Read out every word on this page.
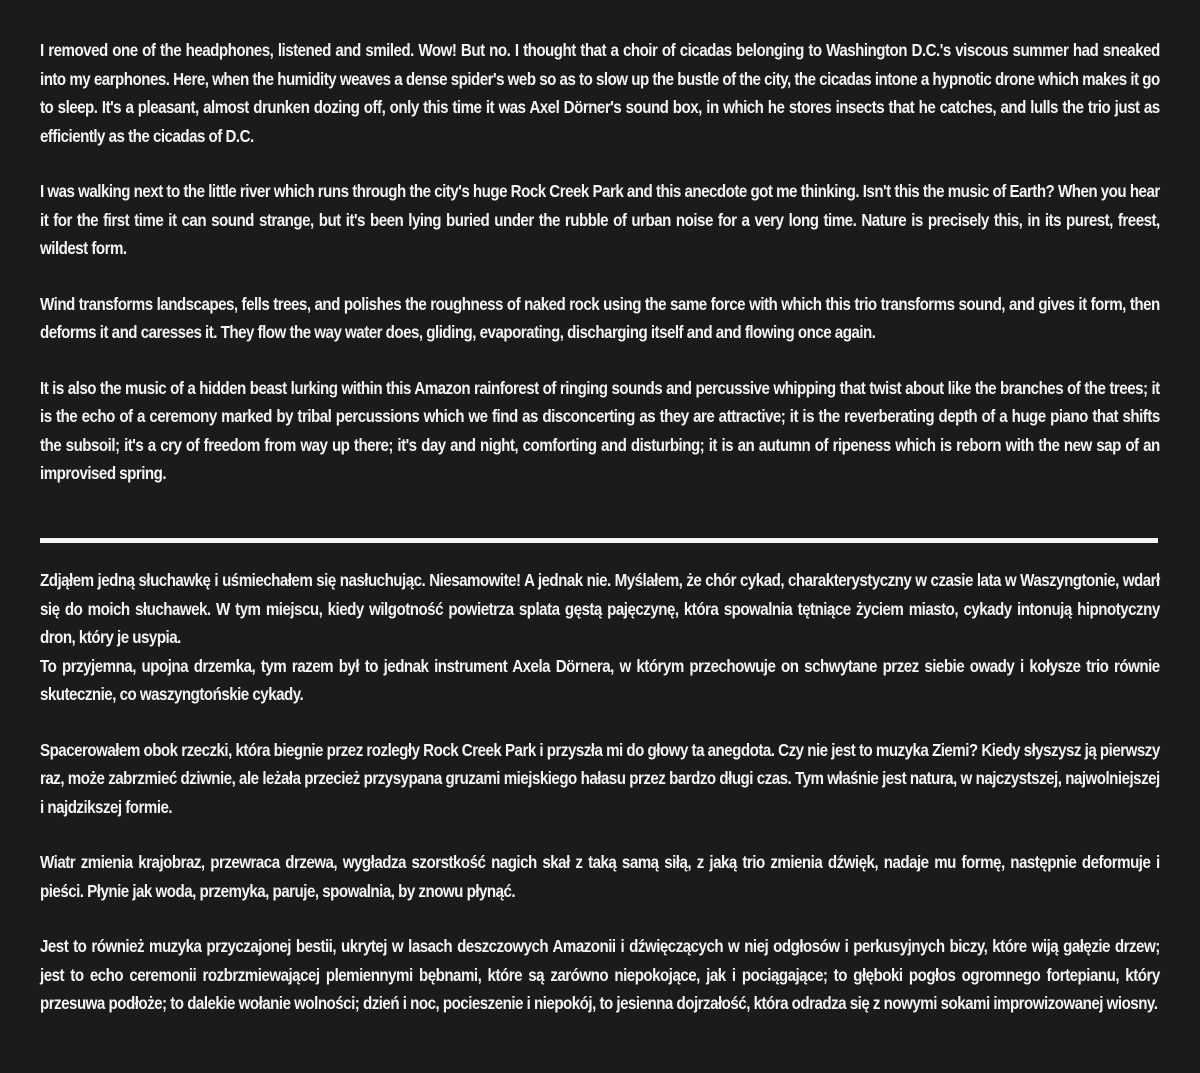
I removed one of the headphones, listened and smiled. Wow! But no. I thought that a choir of cicadas belonging to Washington D.C.'s viscous summer had sneaked into my earphones. Here, when the humidity weaves a dense spider's web so as to slow up the bustle of the city, the cicadas intone a hypnotic drone which makes it go to sleep. It's a pleasant, almost drunken dozing off, only this time it was Axel Dörner's sound box, in which he stores insects that he catches, and lulls the trio just as efficiently as the cicadas of D.C.

I was walking next to the little river which runs through the city's huge Rock Creek Park and this anecdote got me thinking. Isn't this the music of Earth? When you hear it for the first time it can sound strange, but it's been lying buried under the rubble of urban noise for a very long time. Nature is precisely this, in its purest, freest, wildest form.

Wind transforms landscapes, fells trees, and polishes the roughness of naked rock using the same force with which this trio transforms sound, and gives it form, then deforms it and caresses it. They flow the way water does, gliding, evaporating, discharging itself and and flowing once again.

It is also the music of a hidden beast lurking within this Amazon rainforest of ringing sounds and percussive whipping that twist about like the branches of the trees; it is the echo of a ceremony marked by tribal percussions which we find as disconcerting as they are attractive; it is the reverberating depth of a huge piano that shifts the subsoil; it's a cry of freedom from way up there; it's day and night, comforting and disturbing; it is an autumn of ripeness which is reborn with the new sap of an improvised spring.

Zdjąłem jedną słuchawkę i uśmiechałem się nasłuchując. Niesamowite! A jednak nie. Myślałem, że chór cykad, charakterystyczny w czasie lata w Waszyngtonie, wdarł się do moich słuchawek. W tym miejscu, kiedy wilgotność powietrza splata gęstą pajęczynę, która spowalnia tętniące życiem miasto, cykady intonują hipnotyczny dron, który je usypia.
To przyjemna, upojna drzemka, tym razem był to jednak instrument Axela Dörnera, w którym przechowuje on schwytane przez siebie owady i kołysze trio równie skutecznie, co waszyngtońskie cykady.

Spacerowałem obok rzeczki, która biegnie przez rozległy Rock Creek Park i przyszła mi do głowy ta anegdota. Czy nie jest to muzyka Ziemi? Kiedy słyszysz ją pierwszy raz, może zabrzmieć dziwnie, ale leżała przecież przysypana gruzami miejskiego hałasu przez bardzo długi czas. Tym właśnie jest natura, w najczystszej, najwolniejszej i najdzikszej formie.

Wiatr zmienia krajobraz, przewraca drzewa, wygładza szorstkość nagich skał z taką samą siłą, z jaką trio zmienia dźwięk, nadaje mu formę, następnie deformuje i pieści. Płynie jak woda, przemyka, paruje, spowalnia, by znowu płynąć.

Jest to również muzyka przyczajonej bestii, ukrytej w lasach deszczowych Amazonii i dźwięczących w niej odgłosów i perkusyjnych biczy, które wiją gałęzie drzew; jest to echo ceremonii rozbrzmiewającej plemiennymi bębnami, które są zarówno niepokojące, jak i pociągające; to głęboki pogłos ogromnego fortepianu, który przesuwa podłoże; to dalekie wołanie wolności; dzień i noc, pocieszenie i niepokój, to jesienna dojrzałość, która odradza się z nowymi sokami improwizowanej wiosny.
